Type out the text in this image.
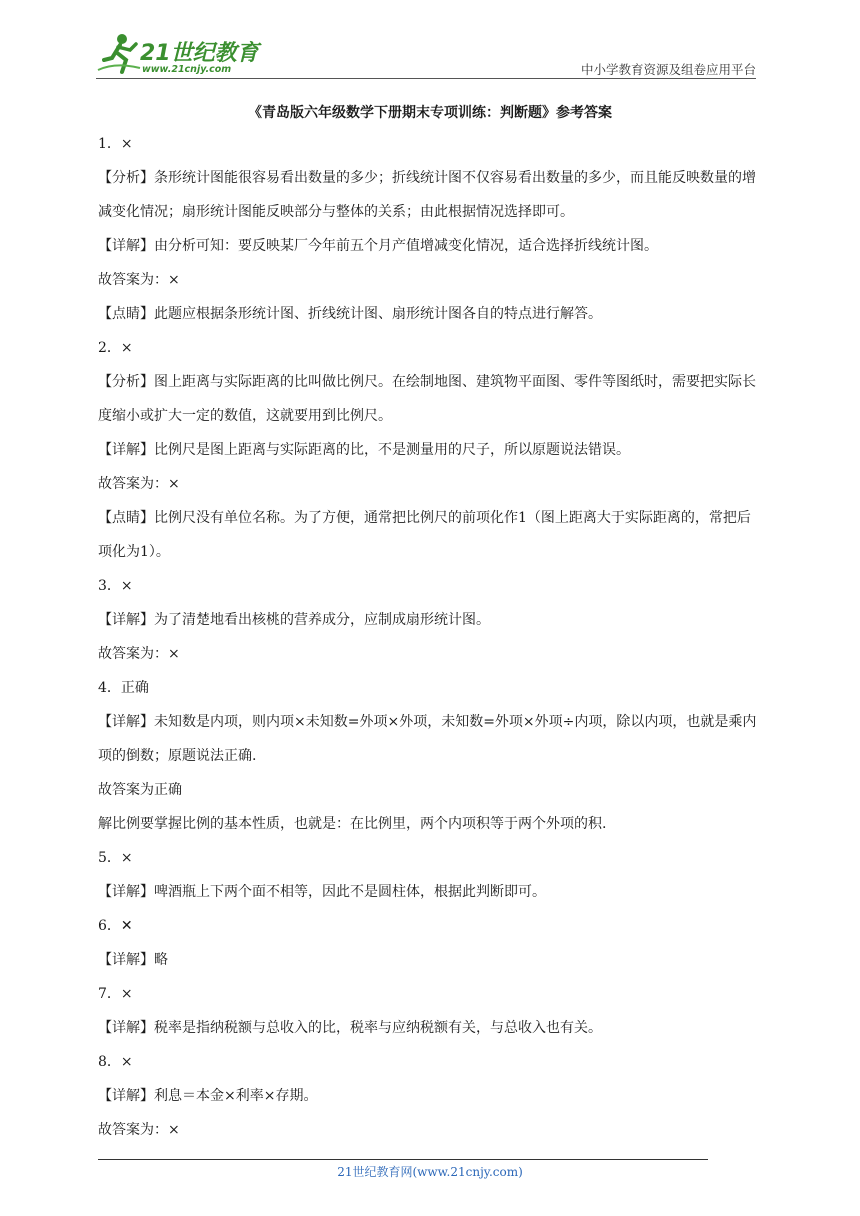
21世纪教育
www.21cnjy.com	中小学教育资源及组卷应用平台
《青岛版六年级数学下册期末专项训练：判断题》参考答案

1．×

【分析】条形统计图能很容易看出数量的多少；折线统计图不仅容易看出数量的多少，而且能反映数量的增减变化情况；扇形统计图能反映部分与整体的关系；由此根据情况选择即可。

【详解】由分析可知：要反映某厂今年前五个月产值增减变化情况，适合选择折线统计图。

故答案为：×

【点睛】此题应根据条形统计图、折线统计图、扇形统计图各自的特点进行解答。

2．×

【分析】图上距离与实际距离的比叫做比例尺。在绘制地图、建筑物平面图、零件等图纸时，需要把实际长度缩小或扩大一定的数值，这就要用到比例尺。

【详解】比例尺是图上距离与实际距离的比，不是测量用的尺子，所以原题说法错误。

故答案为：×

【点睛】比例尺没有单位名称。为了方便，通常把比例尺的前项化作1（图上距离大于实际距离的，常把后项化为1）。

3．×

【详解】为了清楚地看出核桃的营养成分，应制成扇形统计图。

故答案为：×

4．正确

【详解】未知数是内项，则内项×未知数=外项×外项，未知数=外项×外项÷内项，除以内项，也就是乘内项的倒数；原题说法正确.

故答案为正确

解比例要掌握比例的基本性质，也就是：在比例里，两个内项积等于两个外项的积.

5．×

【详解】啤酒瓶上下两个面不相等，因此不是圆柱体，根据此判断即可。

6．✕

【详解】略

7．×

【详解】税率是指纳税额与总收入的比，税率与应纳税额有关，与总收入也有关。

8．×

【详解】利息＝本金×利率×存期。

故答案为：×

21世纪教育网(www.21cnjy.com)
